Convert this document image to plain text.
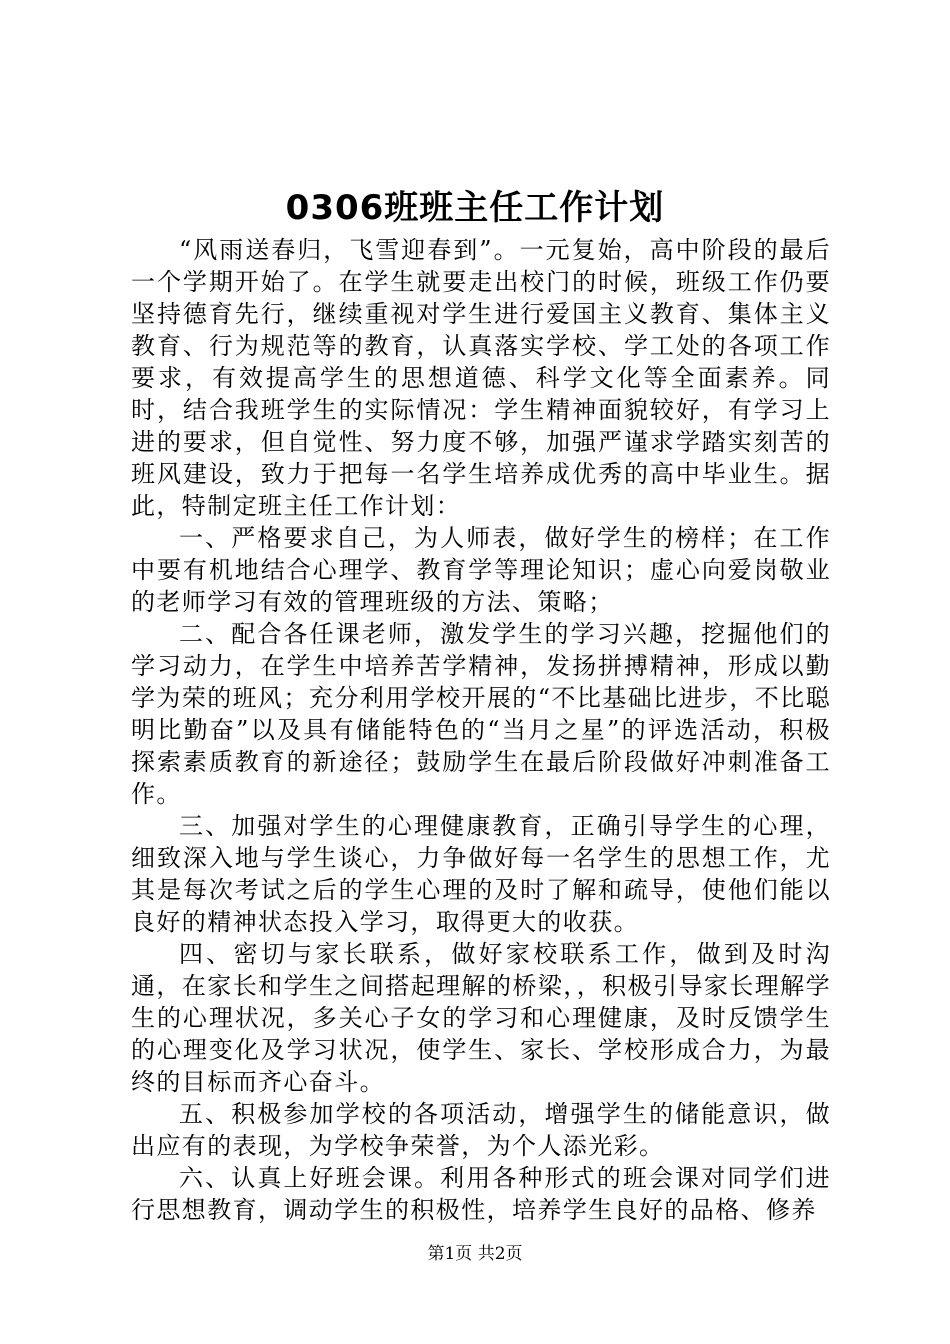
0306班班主任工作计划

“风雨送春归，飞雪迎春到”。一元复始，高中阶段的最后一个学期开始了。在学生就要走出校门的时候，班级工作仍要坚持德育先行，继续重视对学生进行爱国主义教育、集体主义教育、行为规范等的教育，认真落实学校、学工处的各项工作要求，有效提高学生的思想道德、科学文化等全面素养。同时，结合我班学生的实际情况：学生精神面貌较好，有学习上进的要求，但自觉性、努力度不够，加强严谨求学踏实刻苦的班风建设，致力于把每一名学生培养成优秀的高中毕业生。据此，特制定班主任工作计划：

一、严格要求自己，为人师表，做好学生的榜样；在工作中要有机地结合心理学、教育学等理论知识；虚心向爱岗敬业的老师学习有效的管理班级的方法、策略；

二、配合各任课老师，激发学生的学习兴趣，挖掘他们的学习动力，在学生中培养苦学精神，发扬拼搏精神，形成以勤学为荣的班风；充分利用学校开展的“不比基础比进步，不比聪明比勤奋”以及具有储能特色的“当月之星”的评选活动，积极探索素质教育的新途径；鼓励学生在最后阶段做好冲刺准备工作。

三、加强对学生的心理健康教育，正确引导学生的心理，细致深入地与学生谈心，力争做好每一名学生的思想工作，尤其是每次考试之后的学生心理的及时了解和疏导，使他们能以良好的精神状态投入学习，取得更大的收获。

四、密切与家长联系，做好家校联系工作，做到及时沟通，在家长和学生之间搭起理解的桥梁，，积极引导家长理解学生的心理状况，多关心子女的学习和心理健康，及时反馈学生的心理变化及学习状况，使学生、家长、学校形成合力，为最终的目标而齐心奋斗。

五、积极参加学校的各项活动，增强学生的储能意识，做出应有的表现，为学校争荣誉，为个人添光彩。

六、认真上好班会课。利用各种形式的班会课对同学们进行思想教育，调动学生的积极性，培养学生良好的品格、修养

第1页 共2页
